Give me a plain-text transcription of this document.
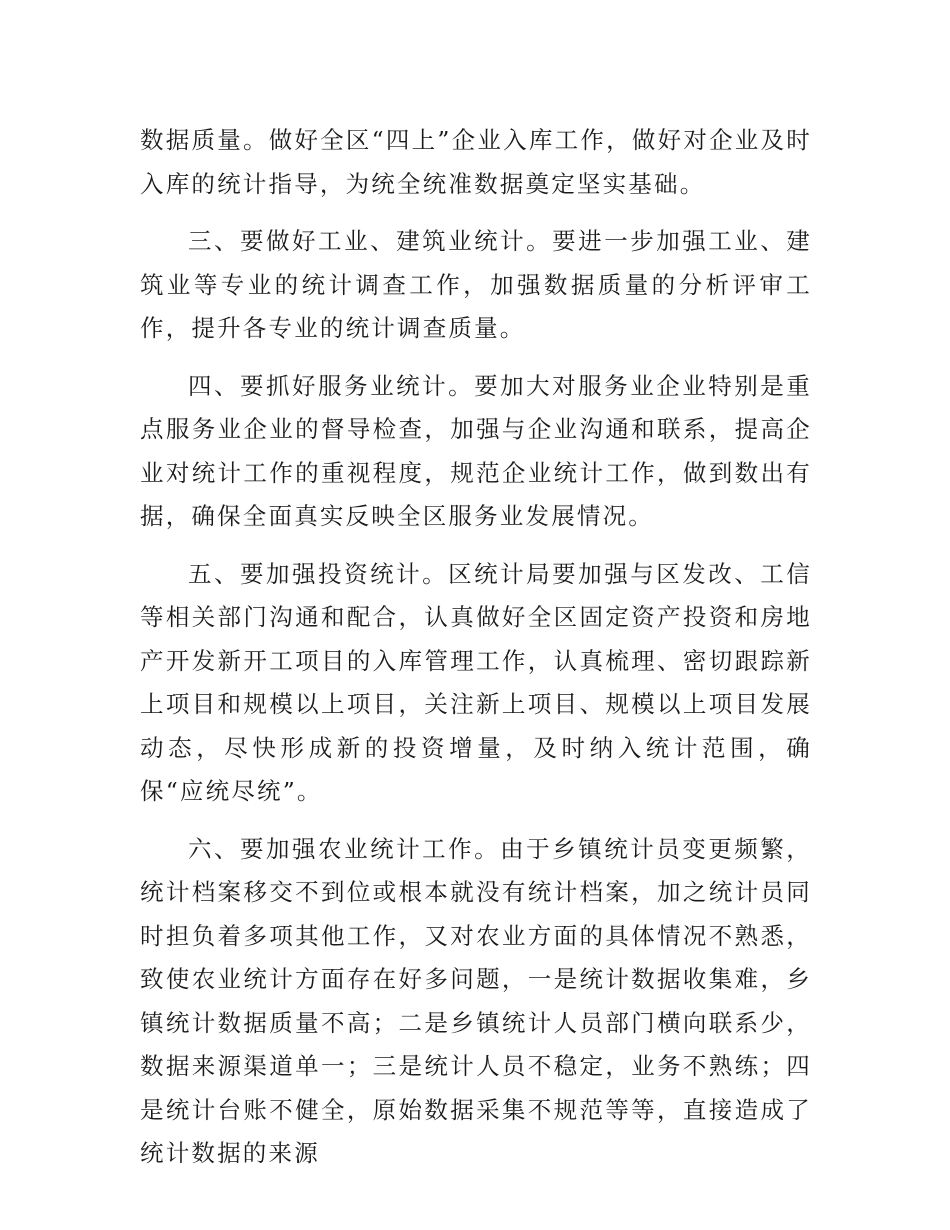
数据质量。做好全区“四上”企业入库工作，做好对企业及时入库的统计指导，为统全统准数据奠定坚实基础。

三、要做好工业、建筑业统计。要进一步加强工业、建筑业等专业的统计调查工作，加强数据质量的分析评审工作，提升各专业的统计调查质量。

四、要抓好服务业统计。要加大对服务业企业特别是重点服务业企业的督导检查，加强与企业沟通和联系，提高企业对统计工作的重视程度，规范企业统计工作，做到数出有据，确保全面真实反映全区服务业发展情况。

五、要加强投资统计。区统计局要加强与区发改、工信等相关部门沟通和配合，认真做好全区固定资产投资和房地产开发新开工项目的入库管理工作，认真梳理、密切跟踪新上项目和规模以上项目，关注新上项目、规模以上项目发展动态，尽快形成新的投资增量，及时纳入统计范围，确保“应统尽统”。

六、要加强农业统计工作。由于乡镇统计员变更频繁，统计档案移交不到位或根本就没有统计档案，加之统计员同时担负着多项其他工作，又对农业方面的具体情况不熟悉，致使农业统计方面存在好多问题，一是统计数据收集难，乡镇统计数据质量不高；二是乡镇统计人员部门横向联系少，数据来源渠道单一；三是统计人员不稳定，业务不熟练；四是统计台账不健全，原始数据采集不规范等等，直接造成了统计数据的来源
